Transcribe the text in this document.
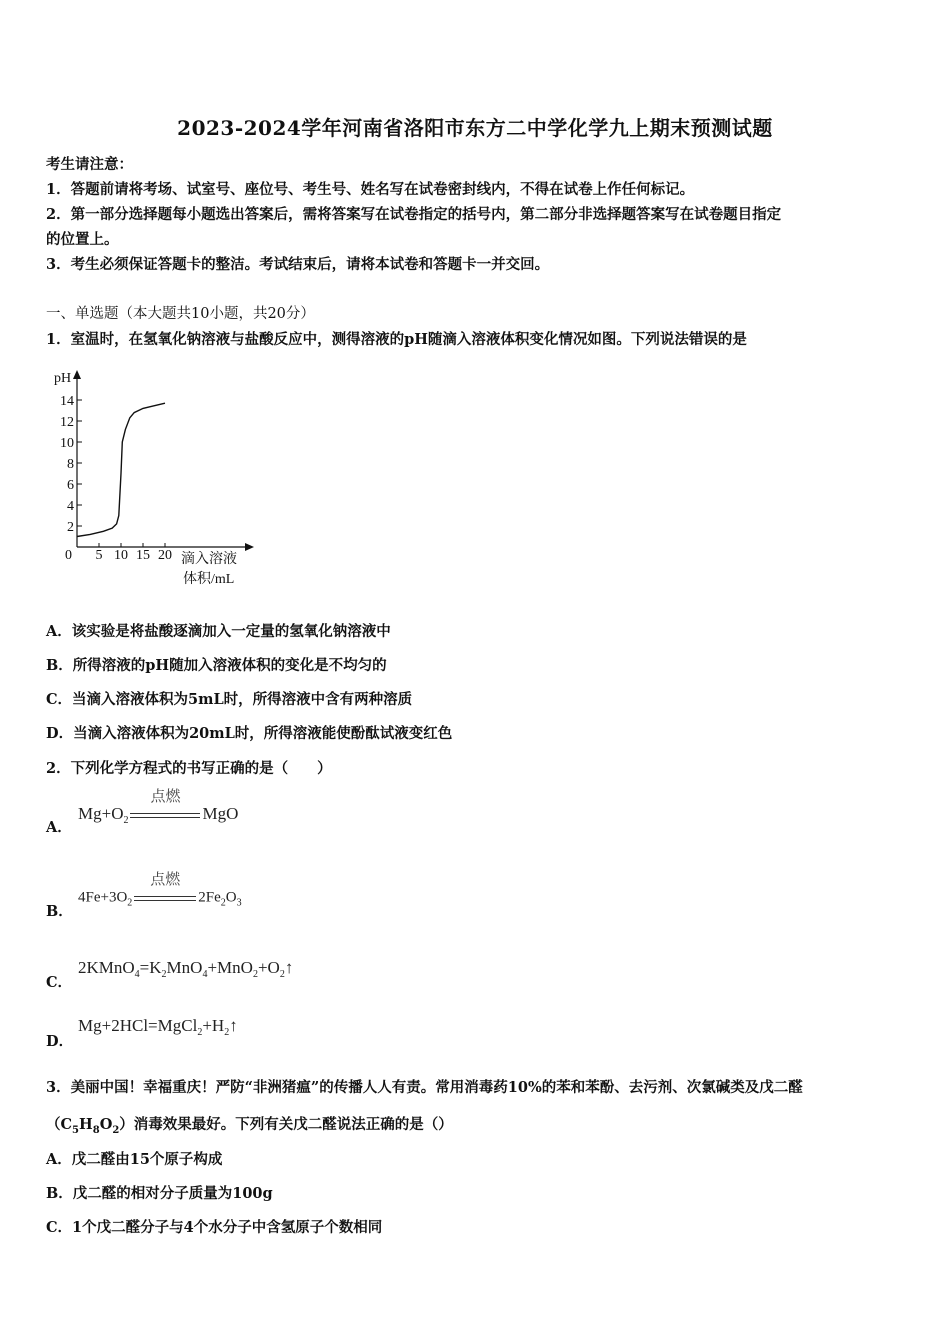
2023-2024学年河南省洛阳市东方二中学化学九上期末预测试题
考生请注意：
1．答题前请将考场、试室号、座位号、考生号、姓名写在试卷密封线内，不得在试卷上作任何标记。
2．第一部分选择题每小题选出答案后，需将答案写在试卷指定的括号内，第二部分非选择题答案写在试卷题目指定
的位置上。
3．考生必须保证答题卡的整洁。考试结束后，请将本试卷和答题卡一并交回。
一、单选题（本大题共10小题，共20分）
1．室温时，在氢氧化钠溶液与盐酸反应中，测得溶液的pH随滴入溶液体积变化情况如图。下列说法错误的是
pH
0
2
4
6
8
10
12
14
5 10 15 20 滴入溶液
体积/mL
A．该实验是将盐酸逐滴加入一定量的氢氧化钠溶液中
B．所得溶液的pH随加入溶液体积的变化是不均匀的
C．当滴入溶液体积为5mL时，所得溶液中含有两种溶质
D．当滴入溶液体积为20mL时，所得溶液能使酚酞试液变红色
2．下列化学方程式的书写正确的是（　　）
A．
$Mg+O_2$
点燃
MgO
B．
$4Fe+3O_2$
点燃
$2Fe_2O_3$
C．
$2KMnO_4=K_2MnO_4+MnO_2+O_2↑$
D．
$Mg+2HCl=MgCl_2+H_2↑$
3．美丽中国！幸福重庆！严防“非洲猪瘟”的传播人人有责。常用消毒药10%的苯和苯酚、去污剂、次氯碱类及戊二醛
$(C_5H_8O_2)$消毒效果最好。下列有关戊二醛说法正确的是（）
A．戊二醛由15个原子构成
B．戊二醛的相对分子质量为100g
C．1个戊二醛分子与4个水分子中含氢原子个数相同
